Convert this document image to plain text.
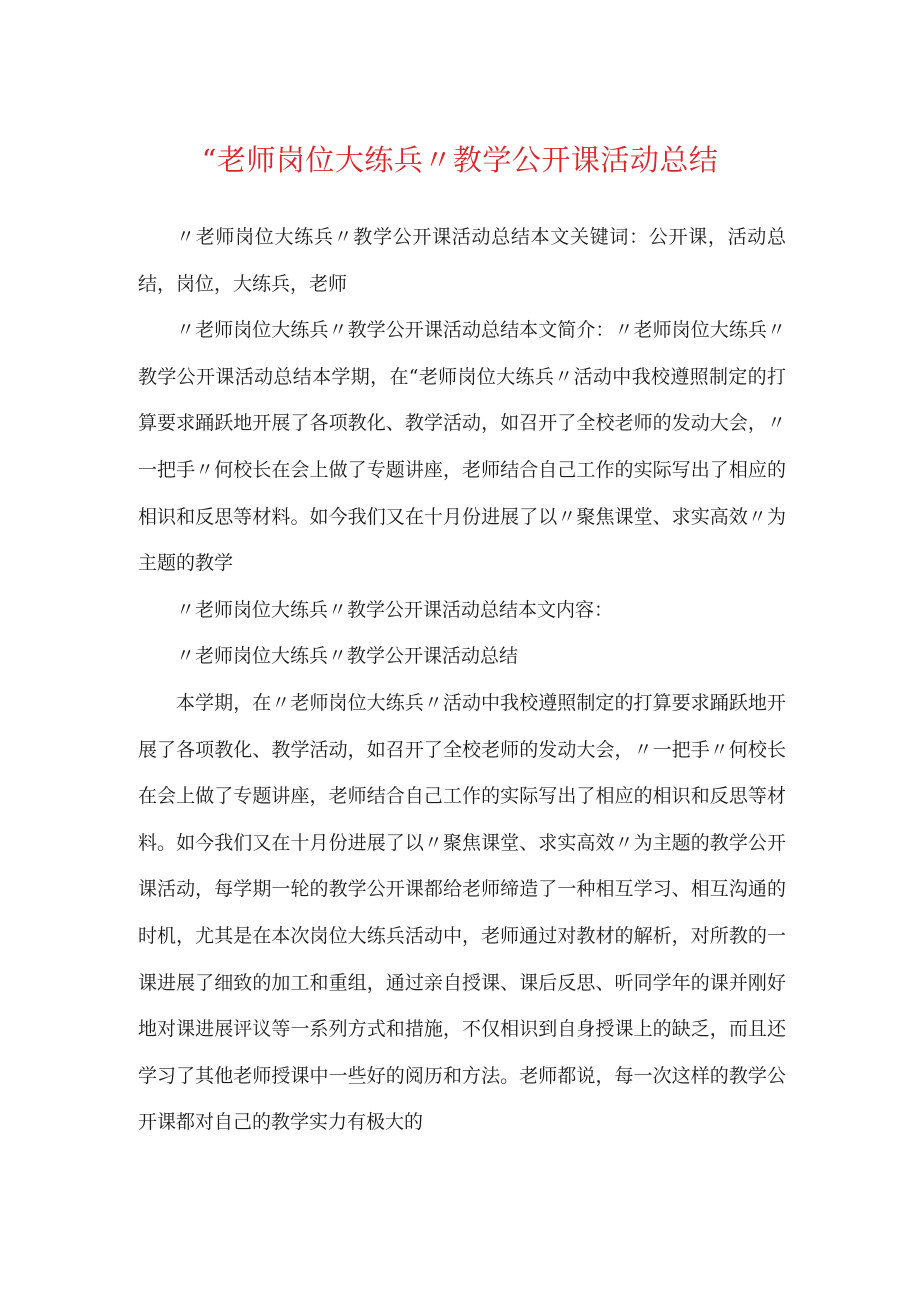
“老师岗位大练兵〃教学公开课活动总结

〃老师岗位大练兵〃教学公开课活动总结本文关键词：公开课，活动总结，岗位，大练兵，老师

〃老师岗位大练兵〃教学公开课活动总结本文简介：〃老师岗位大练兵〃教学公开课活动总结本学期，在“老师岗位大练兵〃活动中我校遵照制定的打算要求踊跃地开展了各项教化、教学活动，如召开了全校老师的发动大会，〃一把手〃何校长在会上做了专题讲座，老师结合自己工作的实际写出了相应的相识和反思等材料。如今我们又在十月份进展了以〃聚焦课堂、求实高效〃为主题的教学

〃老师岗位大练兵〃教学公开课活动总结本文内容：

〃老师岗位大练兵〃教学公开课活动总结

本学期，在〃老师岗位大练兵〃活动中我校遵照制定的打算要求踊跃地开展了各项教化、教学活动，如召开了全校老师的发动大会，〃一把手〃何校长在会上做了专题讲座，老师结合自己工作的实际写出了相应的相识和反思等材料。如今我们又在十月份进展了以〃聚焦课堂、求实高效〃为主题的教学公开课活动，每学期一轮的教学公开课都给老师缔造了一种相互学习、相互沟通的时机，尤其是在本次岗位大练兵活动中，老师通过对教材的解析，对所教的一课进展了细致的加工和重组，通过亲自授课、课后反思、听同学年的课并刚好地对课进展评议等一系列方式和措施，不仅相识到自身授课上的缺乏，而且还学习了其他老师授课中一些好的阅历和方法。老师都说，每一次这样的教学公开课都对自己的教学实力有极大的
